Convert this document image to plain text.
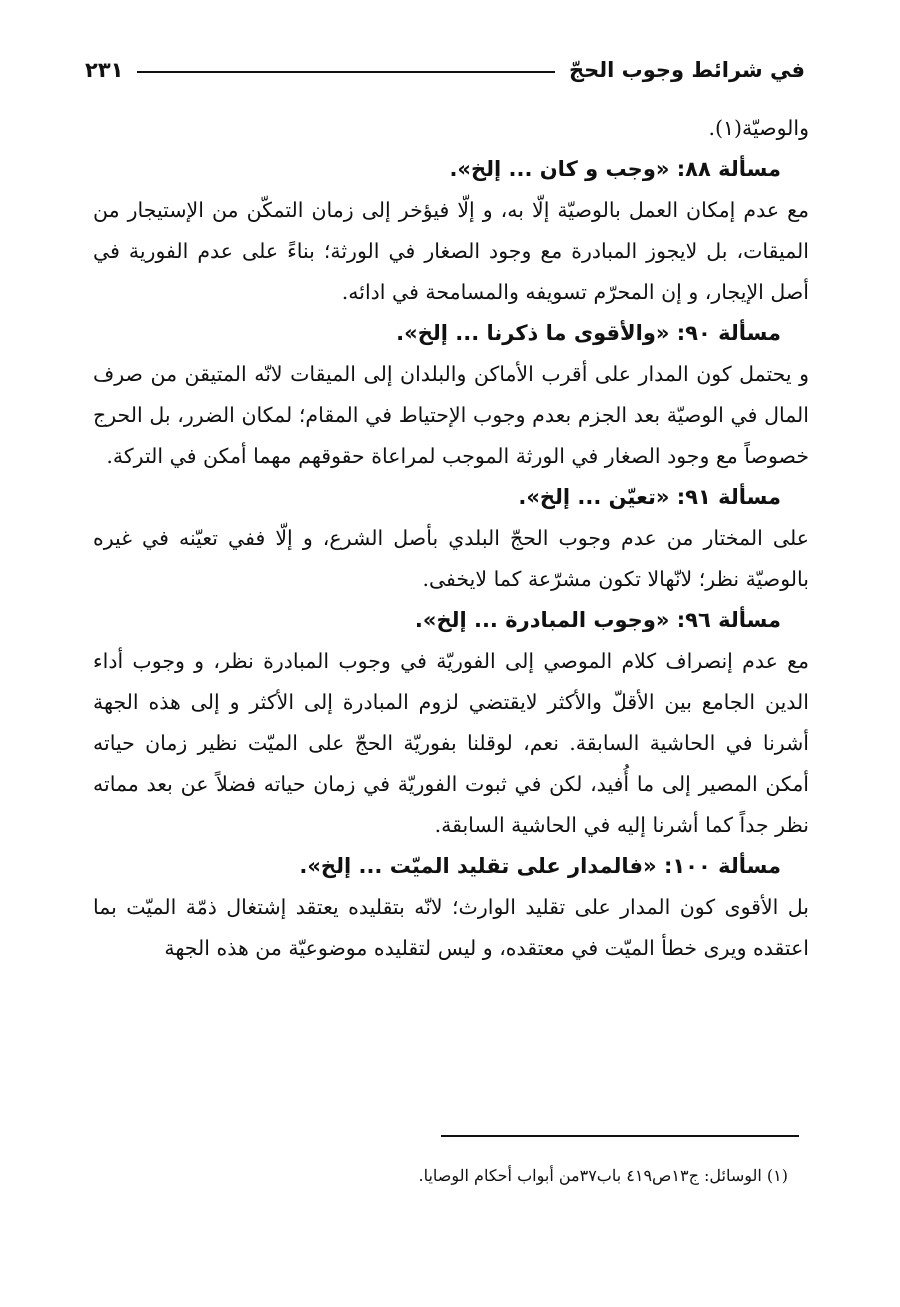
في شرائط وجوب الحجّ
٢٣١

والوصيّة(١).

مسألة ٨٨: «وجب و كان ... إلخ».

مع عدم إمكان العمل بالوصيّة إلّا به، و إلّا فيؤخر إلى زمان التمكّن من الإستيجار من الميقات، بل لايجوز المبادرة مع وجود الصغار في الورثة؛ بناءً على عدم الفورية في أصل الإيجار، و إن المحرّم تسويفه والمسامحة في ادائه.

مسألة ٩٠: «والأقوى ما ذكرنا ... إلخ».

و يحتمل كون المدار على أقرب الأماكن والبلدان إلى الميقات لانّه المتيقن من صرف المال في الوصيّة بعد الجزم بعدم وجوب الإحتياط في المقام؛ لمكان الضرر، بل الحرج خصوصاً مع وجود الصغار في الورثة الموجب لمراعاة حقوقهم مهما أمكن في التركة.

مسألة ٩١: «تعيّن ... إلخ».

على المختار من عدم وجوب الحجّ البلدي بأصل الشرع، و إلّا ففي تعيّنه في غيره بالوصيّة نظر؛ لانّهالا تكون مشرّعة كما لايخفى.

مسألة ٩٦: «وجوب المبادرة ... إلخ».

مع عدم إنصراف كلام الموصي إلى الفوريّة في وجوب المبادرة نظر، و وجوب أداء الدين الجامع بين الأقلّ والأكثر لايقتضي لزوم المبادرة إلى الأكثر و إلى هذه الجهة أشرنا في الحاشية السابقة. نعم، لوقلنا بفوريّة الحجّ على الميّت نظير زمان حياته أمكن المصير إلى ما أُفيد، لكن في ثبوت الفوريّة في زمان حياته فضلاً عن بعد مماته نظر جداً كما أشرنا إليه في الحاشية السابقة.

مسألة ١٠٠: «فالمدار على تقليد الميّت ... إلخ».

بل الأقوى كون المدار على تقليد الوارث؛ لانّه بتقليده يعتقد إشتغال ذمّة الميّت بما اعتقده ويرى خطأ الميّت في معتقده، و ليس لتقليده موضوعيّة من هذه الجهة

(١) الوسائل: ج١٣ص٤١٩ باب٣٧من أبواب أحكام الوصايا.
